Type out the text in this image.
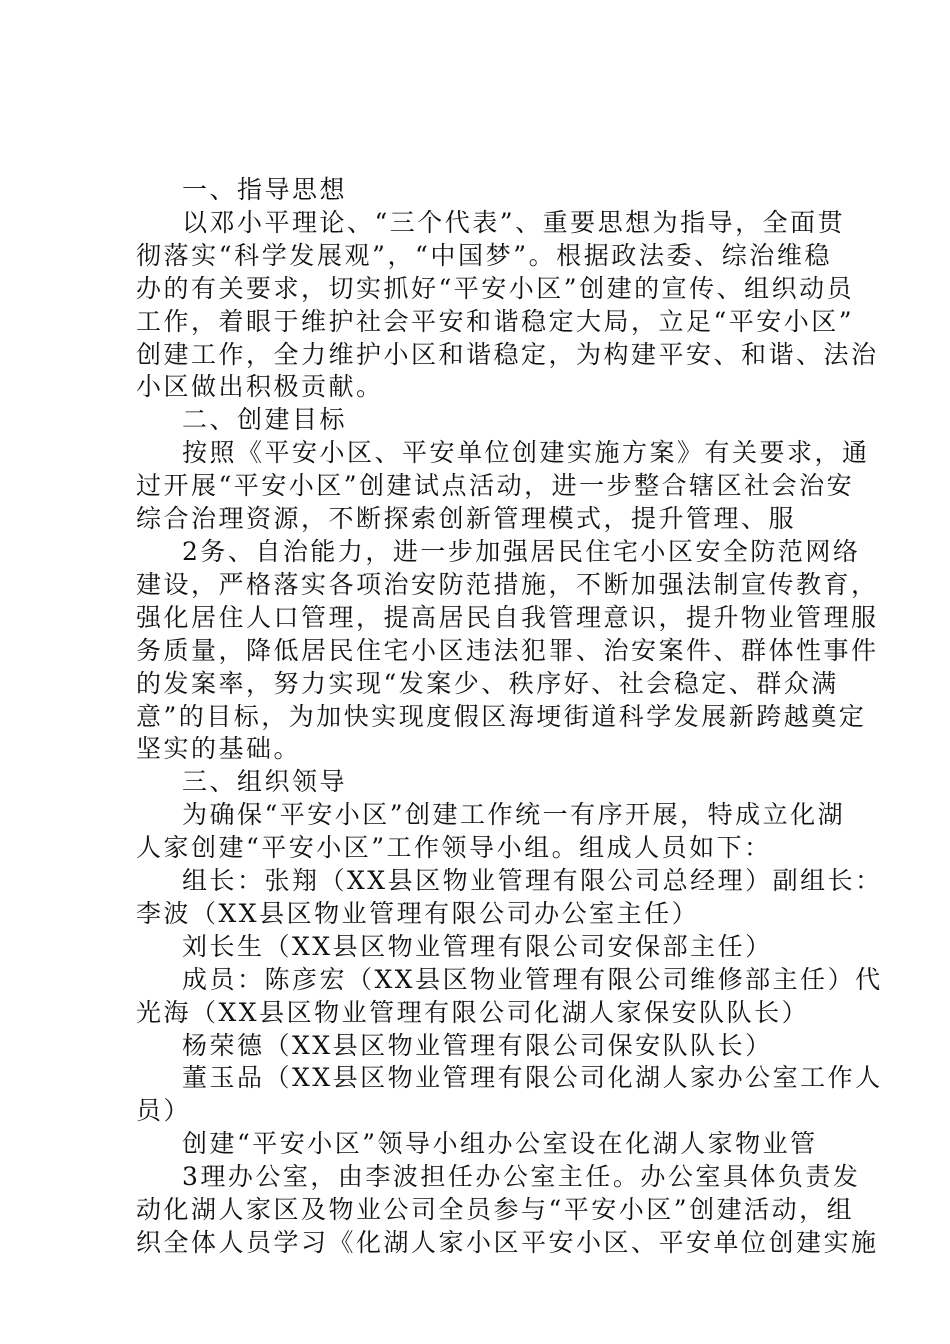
一、指导思想

以邓小平理论、“三个代表”、重要思想为指导，全面贯
彻落实“科学发展观”，“中国梦”。根据政法委、综治维稳
办的有关要求，切实抓好“平安小区”创建的宣传、组织动员
工作，着眼于维护社会平安和谐稳定大局，立足“平安小区”
创建工作，全力维护小区和谐稳定，为构建平安、和谐、法治
小区做出积极贡献。

二、创建目标

按照《平安小区、平安单位创建实施方案》有关要求，通
过开展“平安小区”创建试点活动，进一步整合辖区社会治安
综合治理资源，不断探索创新管理模式，提升管理、服
2务、自治能力，进一步加强居民住宅小区安全防范网络
建设，严格落实各项治安防范措施，不断加强法制宣传教育，
强化居住人口管理，提高居民自我管理意识，提升物业管理服
务质量，降低居民住宅小区违法犯罪、治安案件、群体性事件
的发案率，努力实现“发案少、秩序好、社会稳定、群众满
意”的目标，为加快实现度假区海埂街道科学发展新跨越奠定
坚实的基础。

三、组织领导

为确保“平安小区”创建工作统一有序开展，特成立化湖
人家创建“平安小区”工作领导小组。组成人员如下：
组长：张翔（XX县区物业管理有限公司总经理）副组长：
李波（XX县区物业管理有限公司办公室主任）
刘长生（XX县区物业管理有限公司安保部主任）
成员：陈彦宏（XX县区物业管理有限公司维修部主任）代
光海（XX县区物业管理有限公司化湖人家保安队队长）
杨荣德（XX县区物业管理有限公司保安队队长）
董玉品（XX县区物业管理有限公司化湖人家办公室工作人
员）
创建“平安小区”领导小组办公室设在化湖人家物业管
3理办公室，由李波担任办公室主任。办公室具体负责发
动化湖人家区及物业公司全员参与“平安小区”创建活动，组
织全体人员学习《化湖人家小区平安小区、平安单位创建实施
